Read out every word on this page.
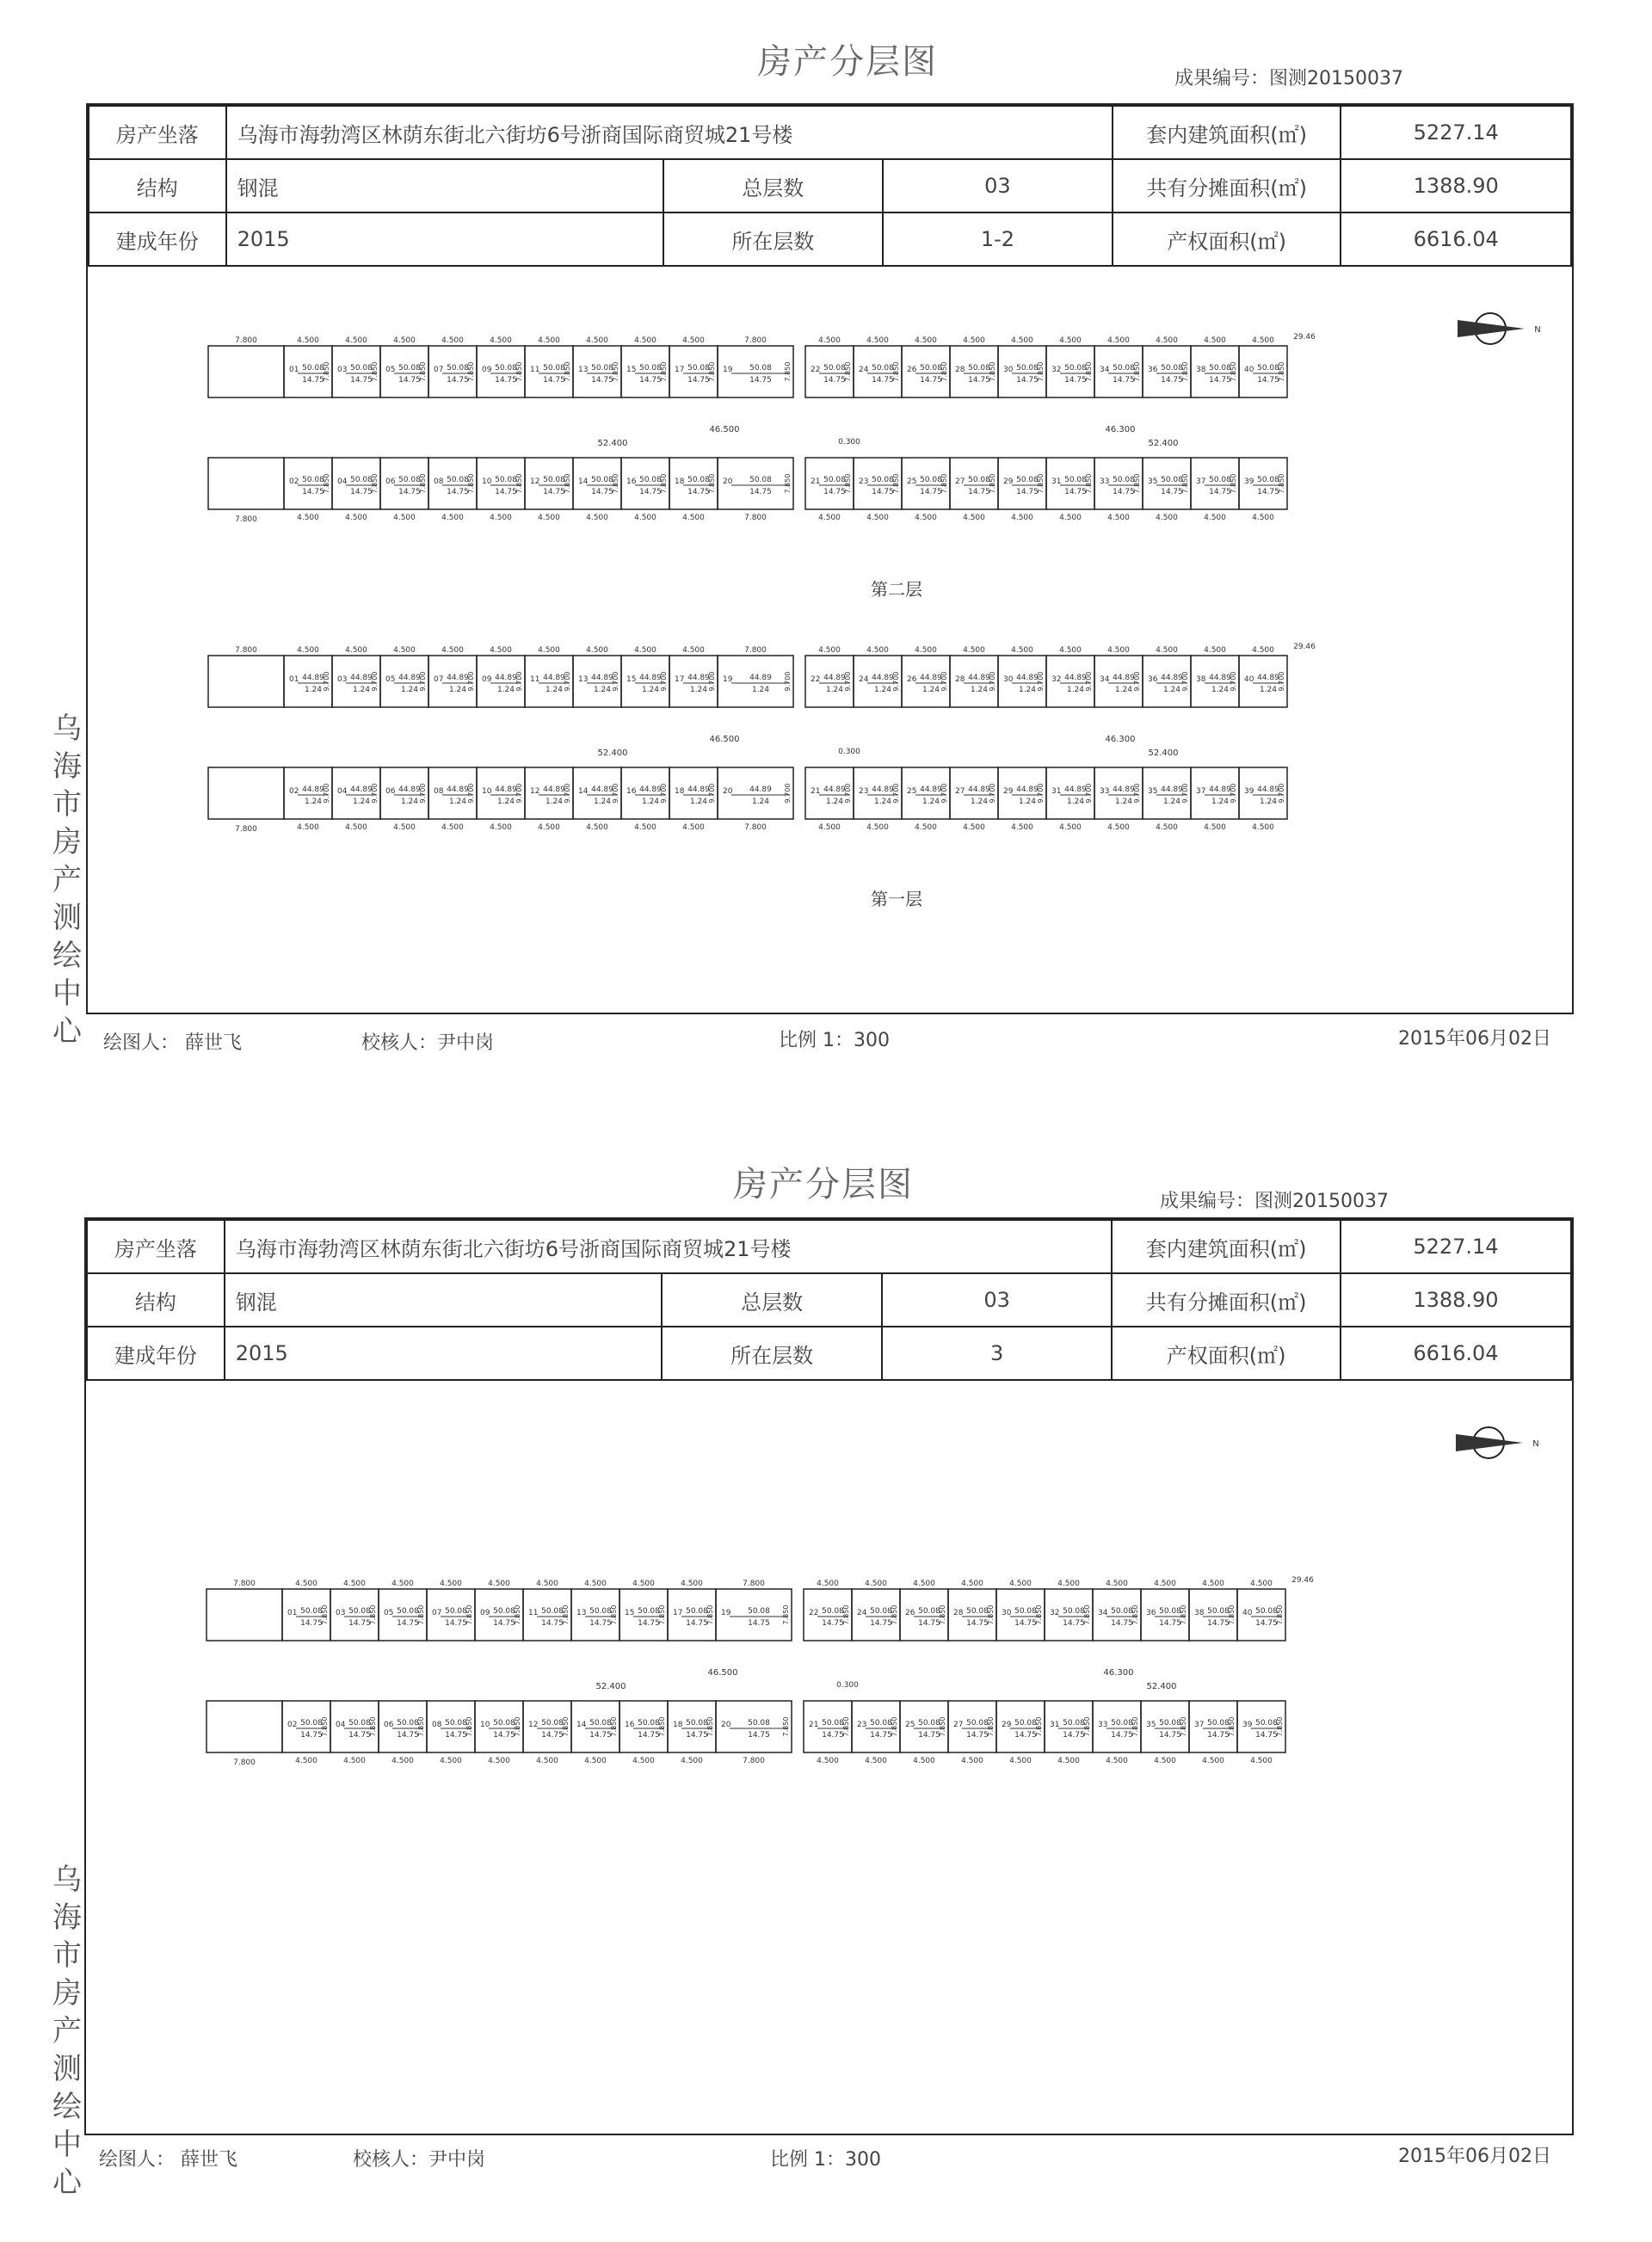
房产分层图	成果编号：图测20150037
房产坐落	乌海市海勃湾区林荫东街北六街坊6号浙商国际商贸城21号楼			套内建筑面积(㎡)	5227.14
结构	钢混	总层数	03	共有分摊面积(㎡)	1388.90
建成年份	2015	所在层数	1-2	产权面积(㎡)	6616.04
N
7.800
01 50.08
14.75
4.500
7.850 03 50.08
14.75
4.500
7.850 05 50.08
14.75
4.500
7.850 07 50.08
14.75
4.500
7.850 09 50.08
14.75
4.500
7.850 11 50.08
14.75
4.500
7.850 13 50.08
14.75
4.500
7.850 15 50.08
14.75
4.500
7.850 17 50.08
14.75
4.500
7.850 19 50.08
14.75
7.800
7.850 22 50.08
14.75
4.500
7.850 24 50.08
14.75
4.500
7.850 26 50.08
14.75
4.500
7.850 28 50.08
14.75
4.500
7.850 30 50.08
14.75
4.500
7.850 32 50.08
14.75
4.500
7.850 34 50.08
14.75
4.500
7.850 36 50.08
14.75
4.500
7.850 38 50.08
14.75
4.500
7.850 40 50.08
14.75
4.500
7.850
46.500	46.300
52.400	52.400
0.300
7.800
02 50.08
14.75
4.500
7.850 04 50.08
14.75
4.500
7.850 06 50.08
14.75
4.500
7.850 08 50.08
14.75
4.500
7.850 10 50.08
14.75
4.500
7.850 12 50.08
14.75
4.500
7.850 14 50.08
14.75
4.500
7.850 16 50.08
14.75
4.500
7.850 18 50.08
14.75
4.500
7.850 20 50.08
14.75
7.800
7.850 21 50.08
14.75
4.500
7.850 23 50.08
14.75
4.500
7.850 25 50.08
14.75
4.500
7.850 27 50.08
14.75
4.500
7.850 29 50.08
14.75
4.500
7.850 31 50.08
14.75
4.500
7.850 33 50.08
14.75
4.500
7.850 35 50.08
14.75
4.500
7.850 37 50.08
14.75
4.500
7.850 39 50.08
14.75
4.500
7.850
29.46
第二层
7.800
01 44.89
1.24
4.500
9.700 03 44.89
1.24
4.500
9.700 05 44.89
1.24
4.500
9.700 07 44.89
1.24
4.500
9.700 09 44.89
1.24
4.500
9.700 11 44.89
1.24
4.500
9.700 13 44.89
1.24
4.500
9.700 15 44.89
1.24
4.500
9.700 17 44.89
1.24
4.500
9.700 19 44.89
1.24
7.800
9.700 22 44.89
1.24
4.500
9.700 24 44.89
1.24
4.500
9.700 26 44.89
1.24
4.500
9.700 28 44.89
1.24
4.500
9.700 30 44.89
1.24
4.500
9.700 32 44.89
1.24
4.500
9.700 34 44.89
1.24
4.500
9.700 36 44.89
1.24
4.500
9.700 38 44.89
1.24
4.500
9.700 40 44.89
1.24
4.500
9.700
46.500	46.300
52.400	52.400
0.300
7.800
02 44.89
1.24
4.500
9.700 04 44.89
1.24
4.500
9.700 06 44.89
1.24
4.500
9.700 08 44.89
1.24
4.500
9.700 10 44.89
1.24
4.500
9.700 12 44.89
1.24
4.500
9.700 14 44.89
1.24
4.500
9.700 16 44.89
1.24
4.500
9.700 18 44.89
1.24
4.500
9.700 20 44.89
1.24
7.800
9.700 21 44.89
1.24
4.500
9.700 23 44.89
1.24
4.500
9.700 25 44.89
1.24
4.500
9.700 27 44.89
1.24
4.500
9.700 29 44.89
1.24
4.500
9.700 31 44.89
1.24
4.500
9.700 33 44.89
1.24
4.500
9.700 35 44.89
1.24
4.500
9.700 37 44.89
1.24
4.500
9.700 39 44.89
1.24
4.500
9.700
29.46
第一层
乌
海
市
房
产
测
绘
中
心 绘图人： 薛世飞	校核人：尹中岗	比例 1：300	2015年06月02日
房产分层图	成果编号：图测20150037
房产坐落	乌海市海勃湾区林荫东街北六街坊6号浙商国际商贸城21号楼			套内建筑面积(㎡)	5227.14
结构	钢混	总层数	03	共有分摊面积(㎡)	1388.90
建成年份	2015	所在层数	3	产权面积(㎡)	6616.04
N
7.800
01 50.08
14.75
4.500
7.850 03 50.08
14.75
4.500
7.850 05 50.08
14.75
4.500
7.850 07 50.08
14.75
4.500
7.850 09 50.08
14.75
4.500
7.850 11 50.08
14.75
4.500
7.850 13 50.08
14.75
4.500
7.850 15 50.08
14.75
4.500
7.850 17 50.08
14.75
4.500
7.850 19 50.08
14.75
7.800
7.850 22 50.08
14.75
4.500
7.850 24 50.08
14.75
4.500
7.850 26 50.08
14.75
4.500
7.850 28 50.08
14.75
4.500
7.850 30 50.08
14.75
4.500
7.850 32 50.08
14.75
4.500
7.850 34 50.08
14.75
4.500
7.850 36 50.08
14.75
4.500
7.850 38 50.08
14.75
4.500
7.850 40 50.08
14.75
4.500
7.850
46.500	46.300
52.400	52.400
0.300
7.800
02 50.08
14.75
4.500
7.850 04 50.08
14.75
4.500
7.850 06 50.08
14.75
4.500
7.850 08 50.08
14.75
4.500
7.850 10 50.08
14.75
4.500
7.850 12 50.08
14.75
4.500
7.850 14 50.08
14.75
4.500
7.850 16 50.08
14.75
4.500
7.850 18 50.08
14.75
4.500
7.850 20 50.08
14.75
7.800
7.850 21 50.08
14.75
4.500
7.850 23 50.08
14.75
4.500
7.850 25 50.08
14.75
4.500
7.850 27 50.08
14.75
4.500
7.850 29 50.08
14.75
4.500
7.850 31 50.08
14.75
4.500
7.850 33 50.08
14.75
4.500
7.850 35 50.08
14.75
4.500
7.850 37 50.08
14.75
4.500
7.850 39 50.08
14.75
4.500
7.850
29.46
乌
海
市
房
产
测
绘
中
心
绘图人： 薛世飞	校核人：尹中岗	比例 1：300	2015年06月02日
